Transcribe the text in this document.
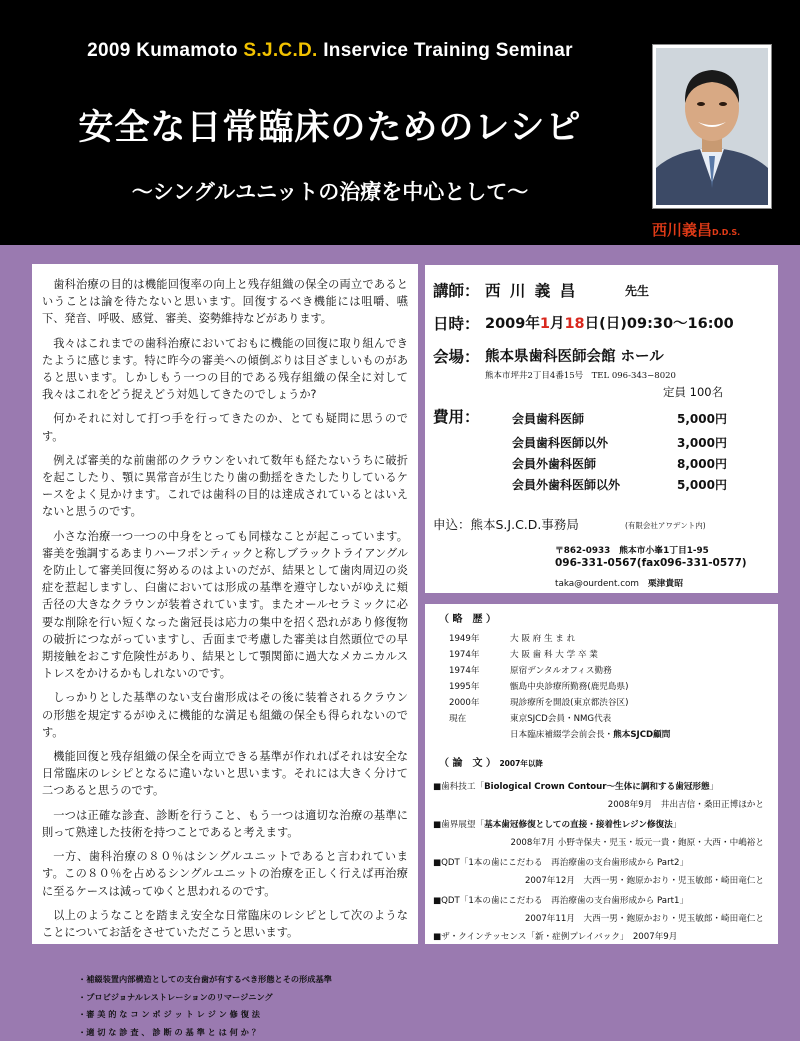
2009 Kumamoto S.J.C.D. Inservice Training Seminar
安全な日常臨床のためのレシピ
～シングルユニットの治療を中心として～
西川義昌D.D.S.

歯科治療の目的は機能回復率の向上と残存組織の保全の両立であるということは論を待たないと思います。回復するべき機能には咀嚼、嚥下、発音、呼吸、感覚、審美、姿勢維持などがあります。

我々はこれまでの歯科治療においておもに機能の回復に取り組んできたように感じます。特に昨今の審美への傾倒ぶりは目ざましいものがあると思います。しかしもう一つの目的である残存組織の保全に対して我々はこれをどう捉えどう対処してきたのでしょうか?

何かそれに対して打つ手を行ってきたのか、とても疑問に思うのです。

例えば審美的な前歯部のクラウンをいれて数年も経たないうちに破折を起こしたり、顎に異常音が生じたり歯の動揺をきたしたりしているケースをよく見かけます。これでは歯科の目的は達成されているとはいえないと思うのです。

小さな治療一つ一つの中身をとっても同様なことが起こっています。審美を強調するあまりハーフポンティックと称しブラックトライアングルを防止して審美回復に努めるのはよいのだが、結果として歯肉周辺の炎症を惹起しますし、臼歯においては形成の基準を遵守しないがゆえに頬舌径の大きなクラウンが装着されています。またオールセラミックに必要な削除を行い短くなった歯冠長は応力の集中を招く恐れがあり修復物の破折につながっていますし、舌面まで考慮した審美は自然頭位での早期接触をおこす危険性があり、結果として顎関節に過大なメカニカルストレスをかけるかもしれないのです。

しっかりとした基準のない支台歯形成はその後に装着されるクラウンの形態を規定するがゆえに機能的な満足も組織の保全も得られないのです。

機能回復と残存組織の保全を両立できる基準が作れればそれは安全な日常臨床のレシピとなるに違いないと思います。それには大きく分けて二つあると思うのです。

一つは正確な診査、診断を行うこと、もう一つは適切な治療の基準に則って熟達した技術を持つことであると考えます。

一方、歯科治療の８０％はシングルユニットであると言われています。この８０％を占めるシングルユニットの治療を正しく行えば再治療に至るケースは減ってゆくと思われるのです。

以上のようなことを踏まえ安全な日常臨床のレシピとして次のようなことについてお話をさせていただこうと思います。

・補綴装置内部構造としての支台歯が有するべき形態とその形成基準
・プロビジョナルレストレーションのリマージニング
・審 美 的 な コ ン ポ ジ ッ ト レ ジ ン 修 復 法
・適 切 な 診 査 、 診 断 の 基 準 と は 何 か ？
講師： 西 川 義 昌	先生
日時： 2009年1月18日(日)09:30～16:00
会場： 熊本県歯科医師会館 ホール
熊本市坪井2丁目4番15号　TEL 096-343−8020
定員 100名
費用：	会員歯科医師	5,000円
会員歯科医師以外	3,000円
会員外歯科医師	8,000円
会員外歯科医師以外	5,000円
申込：熊本S.J.C.D.事務局	(有限会社アワデント内)
〒862-0933　熊本市小峯1丁目1-95
096-331-0567(fax096-331-0577)
taka@ourdent.com　 栗津貴昭
（ 略　歴 ）
1949年	大 阪 府 生 ま れ
1974年	大 阪 歯 科 大 学 卒 業
1974年	原宿デンタルオフィス勤務
1995年	甑島中央診療所勤務(鹿児島県)
2000年	現診療所を開設(東京都渋谷区)
現在	東京SJCD会員・NMG代表
日本臨床補綴学会前会長・熊本SJCD顧問
（ 論　文 ） 2007年以降
■歯科技工「Biological Crown Contour～生体に調和する歯冠形態」
2008年9月　井出吉信・桑田正博ほかと
■歯界展望「基本歯冠修復としての直接・接着性レジン修復法」
2008年7月 小野寺保夫・児玉・坂元一貴・鉋原・大西・中嶋裕と
■QDT「1本の歯にこだわる　再治療歯の支台歯形成から Part2」
2007年12月　大西一男・鉋原かおり・児玉敏郎・崎田竜仁と
■QDT「1本の歯にこだわる　再治療歯の支台歯形成から Part1」
2007年11月　大西一男・鉋原かおり・児玉敏郎・崎田竜仁と
■ザ・クインテッセンス「新・症例プレイバック」　2007年9月
